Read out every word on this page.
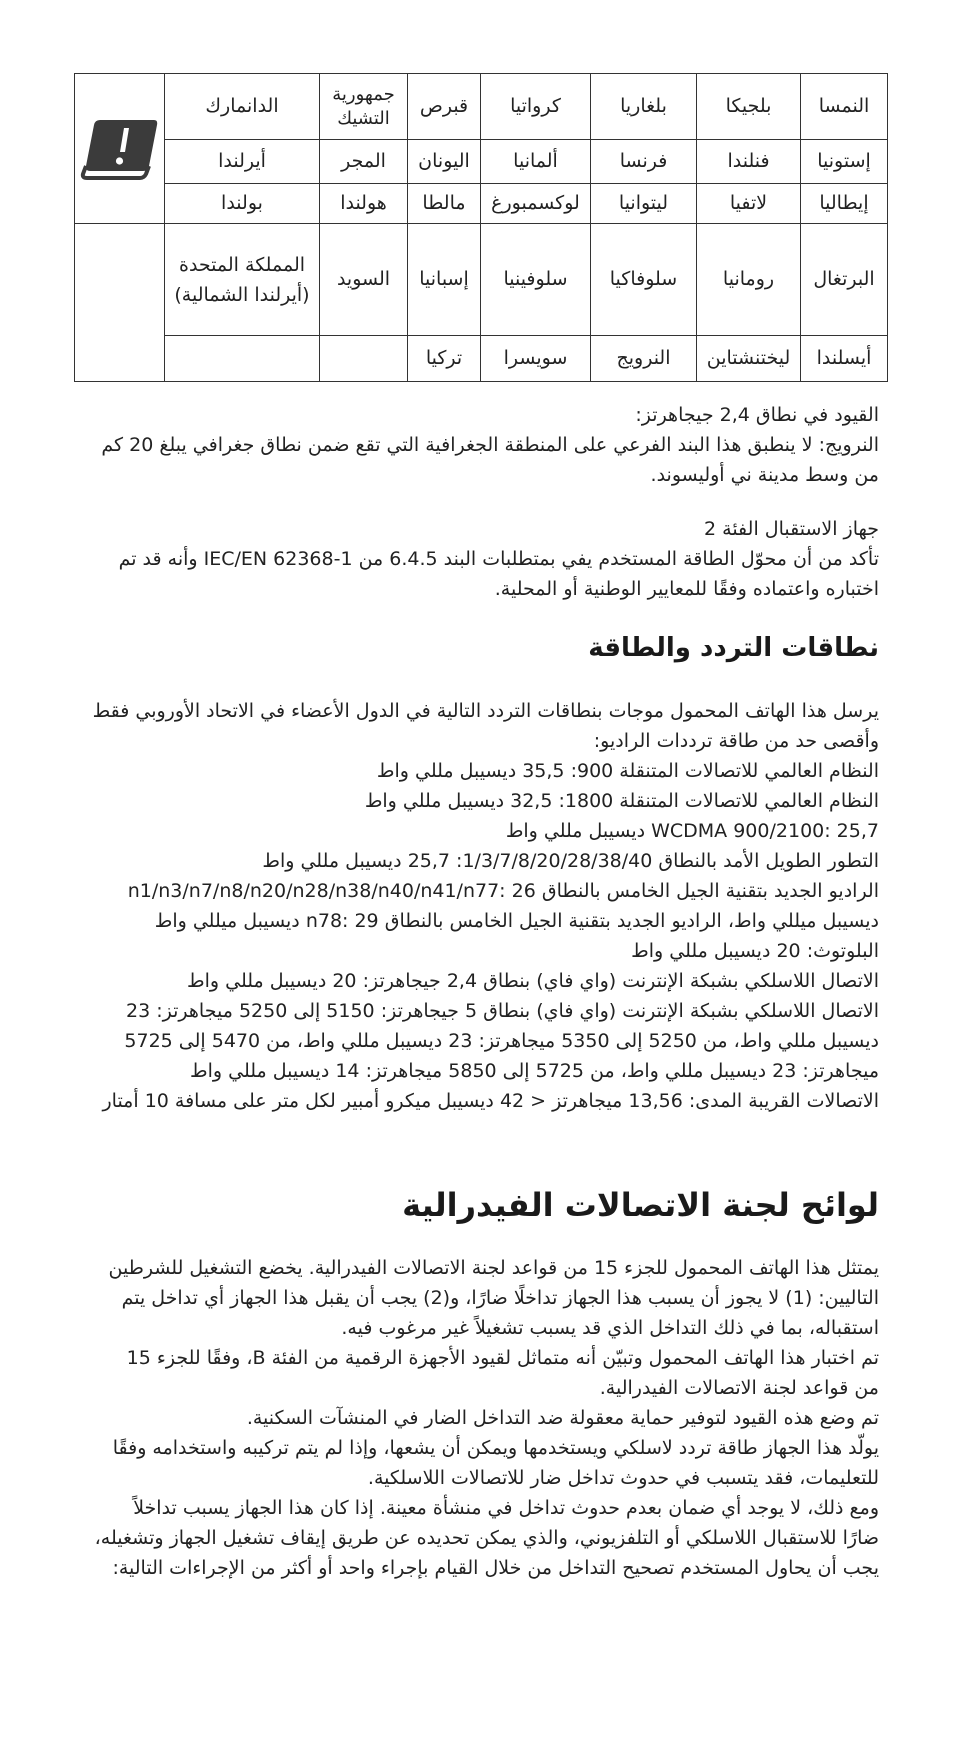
النمسا	بلجيكا	بلغاريا	كرواتيا	قبرص	جمهورية التشيك	الدانمارك	

إستونيا	فنلندا	فرنسا	ألمانيا	اليونان	المجر	أيرلندا	
إيطاليا	لاتفيا	ليتوانيا	لوكسمبورغ	مالطا	هولندا	بولندا	
البرتغال	رومانيا	سلوفاكيا	سلوفينيا	إسبانيا	السويد	المملكة المتحدة (أيرلندا الشمالية)	
أيسلندا	ليختنشتاين	النرويج	سويسرا	تركيا			

القيود في نطاق 2,4 جيجاهرتز:

النرويج: لا ينطبق هذا البند الفرعي على المنطقة الجغرافية التي تقع ضمن نطاق جغرافي يبلغ 20 كم

من وسط مدينة ني أوليسوند.

جهاز الاستقبال الفئة 2

تأكد من أن محوّل الطاقة المستخدم يفي بمتطلبات البند 6.4.5 من IEC/EN 62368-1 وأنه قد تم

اختباره واعتماده وفقًا للمعايير الوطنية أو المحلية.

نطاقات التردد والطاقة

يرسل هذا الهاتف المحمول موجات بنطاقات التردد التالية في الدول الأعضاء في الاتحاد الأوروبي فقط

وأقصى حد من طاقة ترددات الراديو:

النظام العالمي للاتصالات المتنقلة 900: 35,5 ديسيبل مللي واط

النظام العالمي للاتصالات المتنقلة 1800: 32,5 ديسيبل مللي واط

WCDMA 900/2100: 25,7 ديسيبل مللي واط

التطور الطويل الأمد بالنطاق 1/3/7/8/20/28/38/40: 25,7 ديسيبل مللي واط

الراديو الجديد بتقنية الجيل الخامس بالنطاق n1/n3/n7/n8/n20/n28/n38/n40/n41/n77: 26

ديسيبل ميللي واط، الراديو الجديد بتقنية الجيل الخامس بالنطاق n78: 29 ديسيبل ميللي واط

البلوتوث: 20 ديسيبل مللي واط

الاتصال اللاسلكي بشبكة الإنترنت (واي فاي) بنطاق 2,4 جيجاهرتز: 20 ديسيبل مللي واط

الاتصال اللاسلكي بشبكة الإنترنت (واي فاي) بنطاق 5 جيجاهرتز: 5150 إلى 5250 ميجاهرتز: 23

ديسيبل مللي واط، من 5250 إلى 5350 ميجاهرتز: 23 ديسيبل مللي واط، من 5470 إلى 5725

ميجاهرتز: 23 ديسيبل مللي واط، من 5725 إلى 5850 ميجاهرتز: 14 ديسيبل مللي واط

الاتصالات القريبة المدى: 13,56 ميجاهرتز < 42 ديسيبل ميكرو أمبير لكل متر على مسافة 10 أمتار

لوائح لجنة الاتصالات الفيدرالية

يمتثل هذا الهاتف المحمول للجزء 15 من قواعد لجنة الاتصالات الفيدرالية. يخضع التشغيل للشرطين

التاليين: (1) لا يجوز أن يسبب هذا الجهاز تداخلًا ضارًا، و(2) يجب أن يقبل هذا الجهاز أي تداخل يتم

استقباله، بما في ذلك التداخل الذي قد يسبب تشغيلاً غير مرغوب فيه.

تم اختبار هذا الهاتف المحمول وتبيّن أنه متماثل لقيود الأجهزة الرقمية من الفئة B، وفقًا للجزء 15

من قواعد لجنة الاتصالات الفيدرالية.

تم وضع هذه القيود لتوفير حماية معقولة ضد التداخل الضار في المنشآت السكنية.

يولّد هذا الجهاز طاقة تردد لاسلكي ويستخدمها ويمكن أن يشعها، وإذا لم يتم تركيبه واستخدامه وفقًا

للتعليمات، فقد يتسبب في حدوث تداخل ضار للاتصالات اللاسلكية.

ومع ذلك، لا يوجد أي ضمان بعدم حدوث تداخل في منشأة معينة. إذا كان هذا الجهاز يسبب تداخلاً

ضارًا للاستقبال اللاسلكي أو التلفزيوني، والذي يمكن تحديده عن طريق إيقاف تشغيل الجهاز وتشغيله،

يجب أن يحاول المستخدم تصحيح التداخل من خلال القيام بإجراء واحد أو أكثر من الإجراءات التالية:
